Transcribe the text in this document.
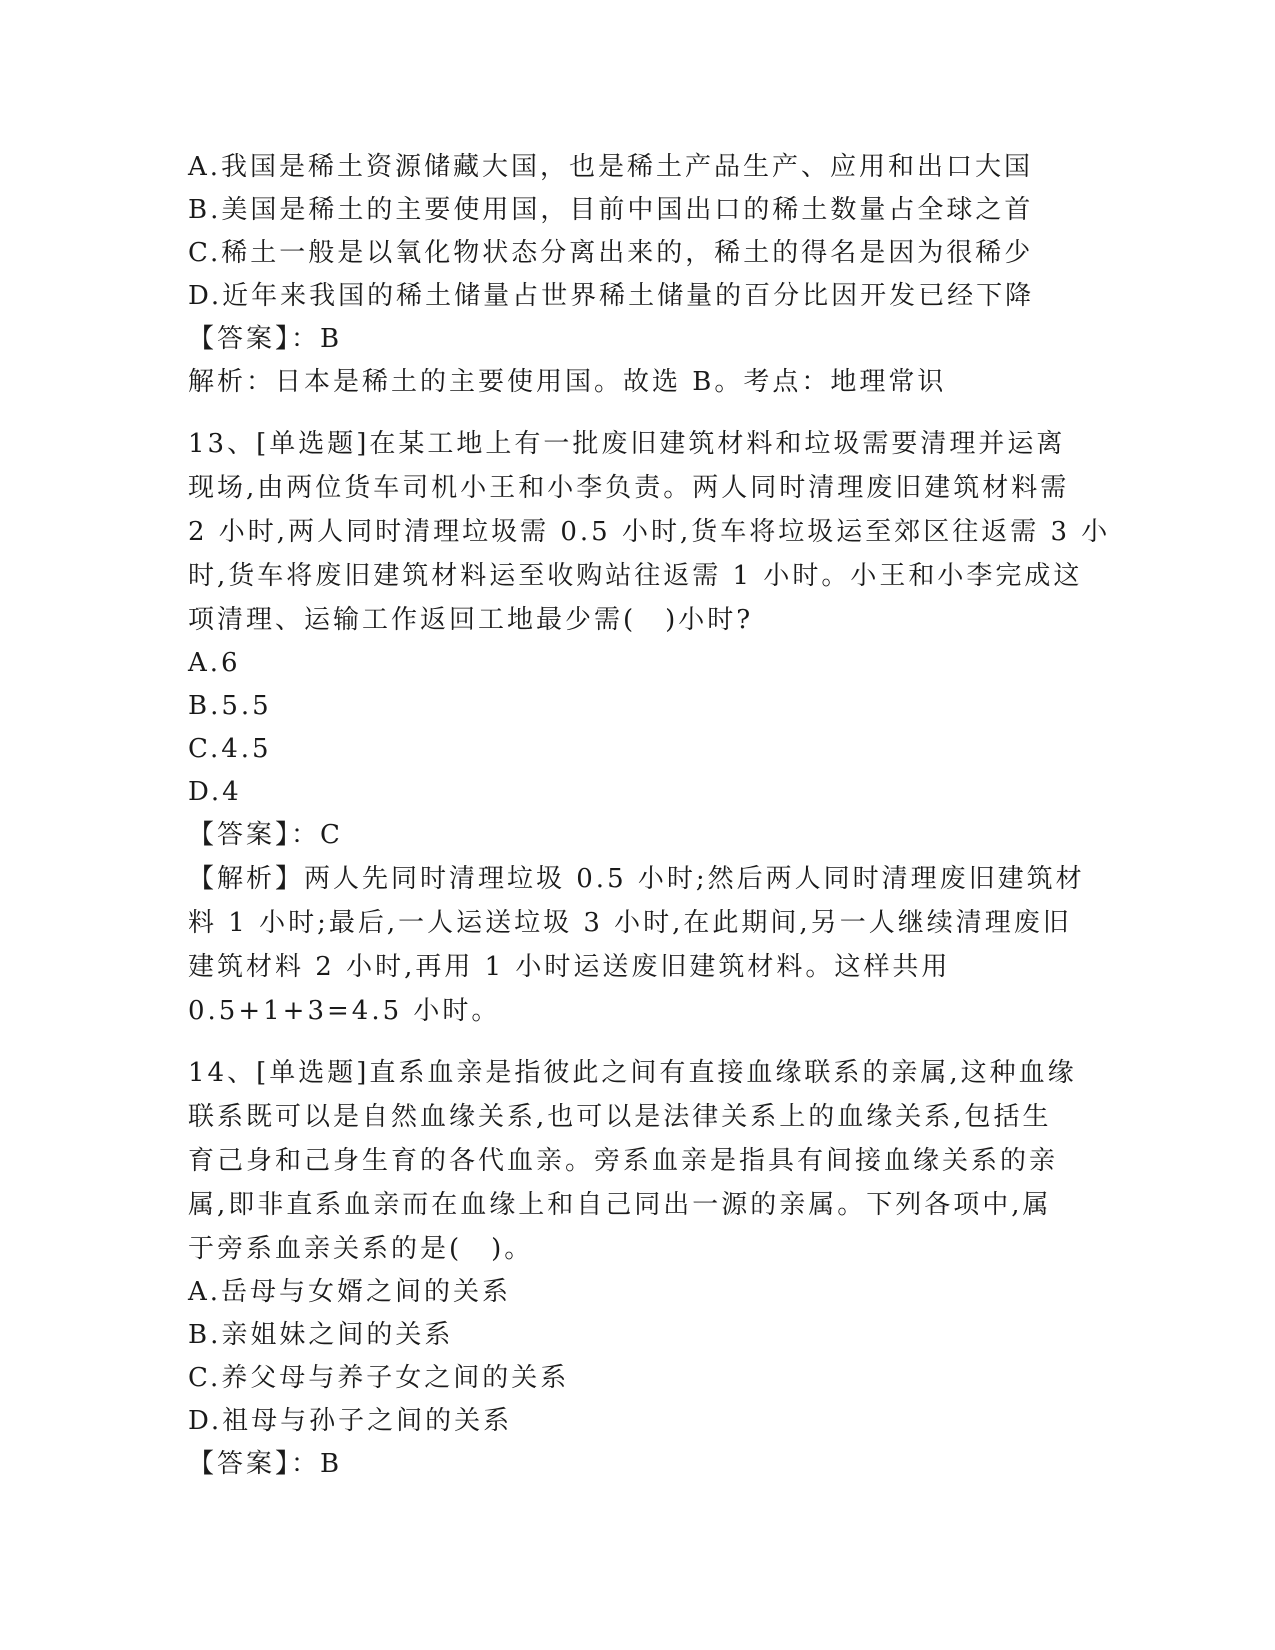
A.我国是稀土资源储藏大国，也是稀土产品生产、应用和出口大国
B.美国是稀土的主要使用国，目前中国出口的稀土数量占全球之首
C.稀土一般是以氧化物状态分离出来的，稀土的得名是因为很稀少
D.近年来我国的稀土储量占世界稀土储量的百分比因开发已经下降
【答案】：B
解析：日本是稀土的主要使用国。故选 B。考点：地理常识
13、[单选题]在某工地上有一批废旧建筑材料和垃圾需要清理并运离
现场,由两位货车司机小王和小李负责。两人同时清理废旧建筑材料需
2 小时,两人同时清理垃圾需 0.5 小时,货车将垃圾运至郊区往返需 3 小
时,货车将废旧建筑材料运至收购站往返需 1 小时。小王和小李完成这
项清理、运输工作返回工地最少需(　)小时?
A.6
B.5.5
C.4.5
D.4
【答案】：C
【解析】两人先同时清理垃圾 0.5 小时;然后两人同时清理废旧建筑材
料 1 小时;最后,一人运送垃圾 3 小时,在此期间,另一人继续清理废旧
建筑材料 2 小时,再用 1 小时运送废旧建筑材料。这样共用
0.5+1+3=4.5 小时。
14、[单选题]直系血亲是指彼此之间有直接血缘联系的亲属,这种血缘
联系既可以是自然血缘关系,也可以是法律关系上的血缘关系,包括生
育己身和己身生育的各代血亲。旁系血亲是指具有间接血缘关系的亲
属,即非直系血亲而在血缘上和自己同出一源的亲属。下列各项中,属
于旁系血亲关系的是(　)。
A.岳母与女婿之间的关系
B.亲姐妹之间的关系
C.养父母与养子女之间的关系
D.祖母与孙子之间的关系
【答案】：B
